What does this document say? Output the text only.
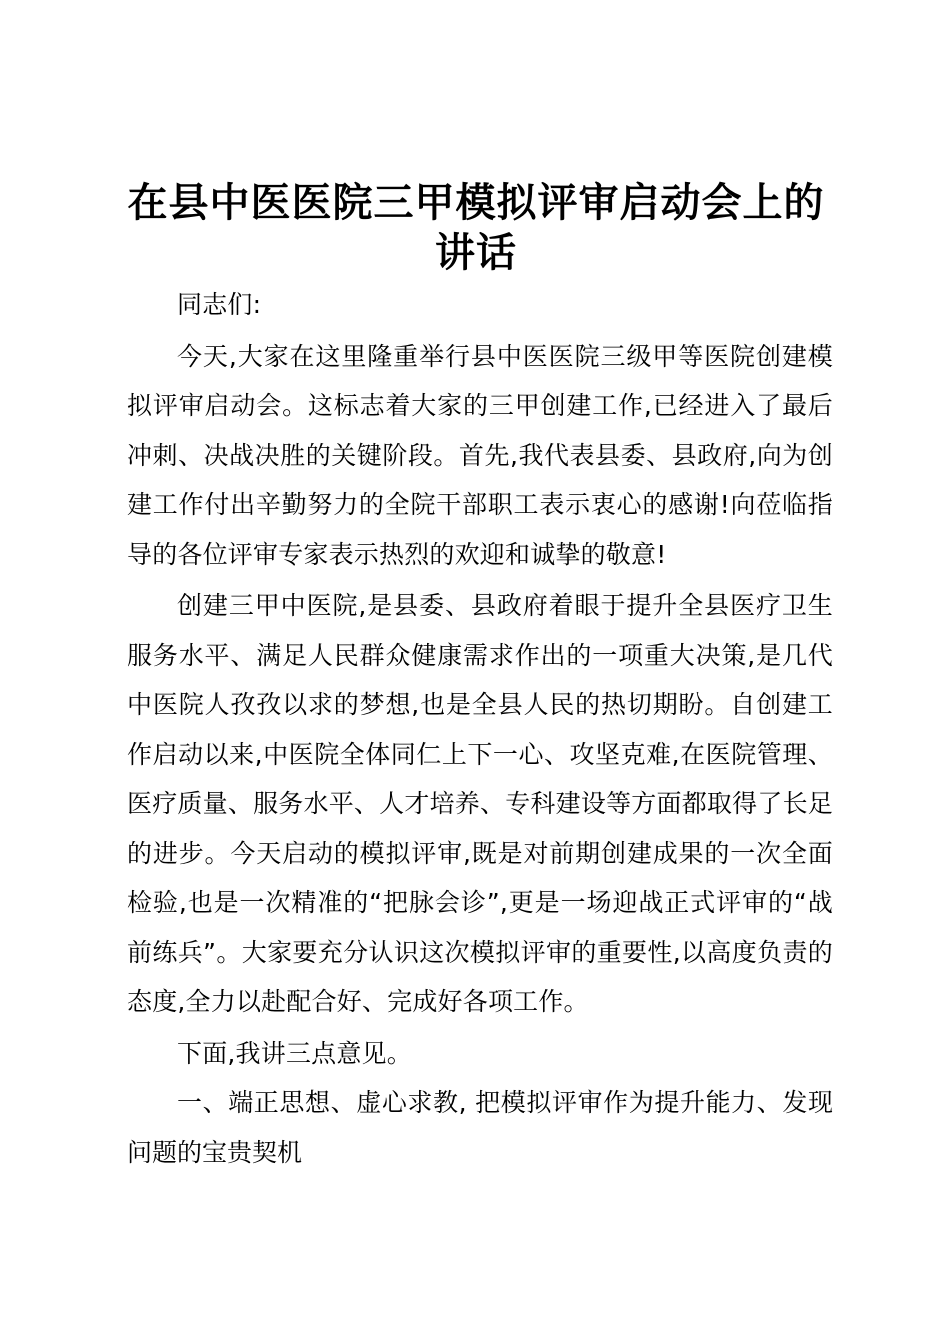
在县中医医院三甲模拟评审启动会上的讲话

同志们:

今天,大家在这里隆重举行县中医医院三级甲等医院创建模拟评审启动会。这标志着大家的三甲创建工作,已经进入了最后冲刺、决战决胜的关键阶段。首先,我代表县委、县政府,向为创建工作付出辛勤努力的全院干部职工表示衷心的感谢!向莅临指导的各位评审专家表示热烈的欢迎和诚挚的敬意!

创建三甲中医院,是县委、县政府着眼于提升全县医疗卫生服务水平、满足人民群众健康需求作出的一项重大决策,是几代中医院人孜孜以求的梦想,也是全县人民的热切期盼。自创建工作启动以来,中医院全体同仁上下一心、攻坚克难,在医院管理、医疗质量、服务水平、人才培养、专科建设等方面都取得了长足的进步。今天启动的模拟评审,既是对前期创建成果的一次全面检验,也是一次精准的“把脉会诊”,更是一场迎战正式评审的“战前练兵”。大家要充分认识这次模拟评审的重要性,以高度负责的态度,全力以赴配合好、完成好各项工作。

下面,我讲三点意见。

一、端正思想、虚心求教, 把模拟评审作为提升能力、发现问题的宝贵契机
